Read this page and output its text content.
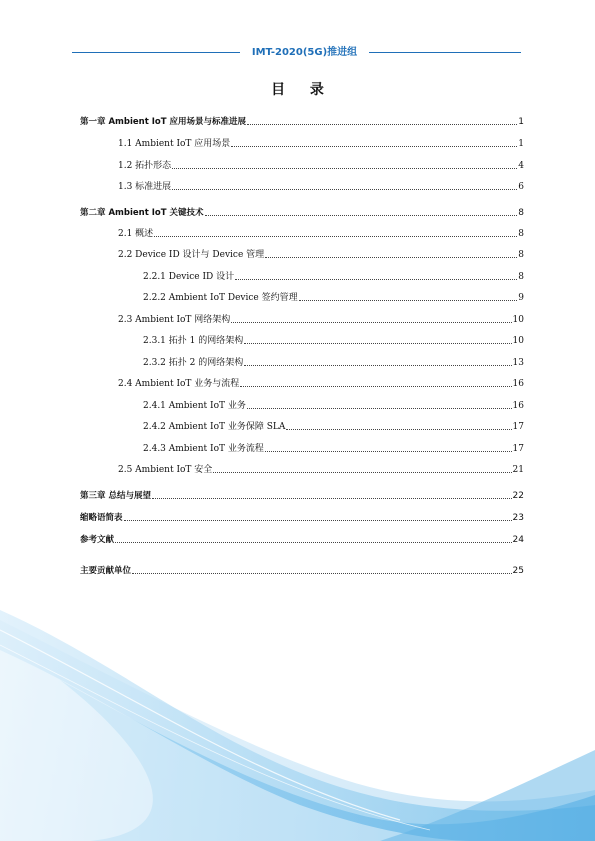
IMT-2020(5G)推进组
目 录
第一章 Ambient IoT 应用场景与标准进展	1
1.1 Ambient IoT 应用场景	1
1.2 拓扑形态	4
1.3 标准进展	6
第二章 Ambient IoT 关键技术	8
2.1 概述	8
2.2 Device ID 设计与 Device 管理	8
2.2.1 Device ID 设计	8
2.2.2 Ambient IoT Device 签约管理	9
2.3 Ambient IoT 网络架构	10
2.3.1 拓扑 1 的网络架构	10
2.3.2 拓扑 2 的网络架构	13
2.4 Ambient IoT 业务与流程	16
2.4.1 Ambient IoT 业务	16
2.4.2 Ambient IoT 业务保障 SLA	17
2.4.3 Ambient IoT 业务流程	17
2.5 Ambient IoT 安全	21
第三章 总结与展望	22
缩略语简表	23
参考文献	24
主要贡献单位	25
